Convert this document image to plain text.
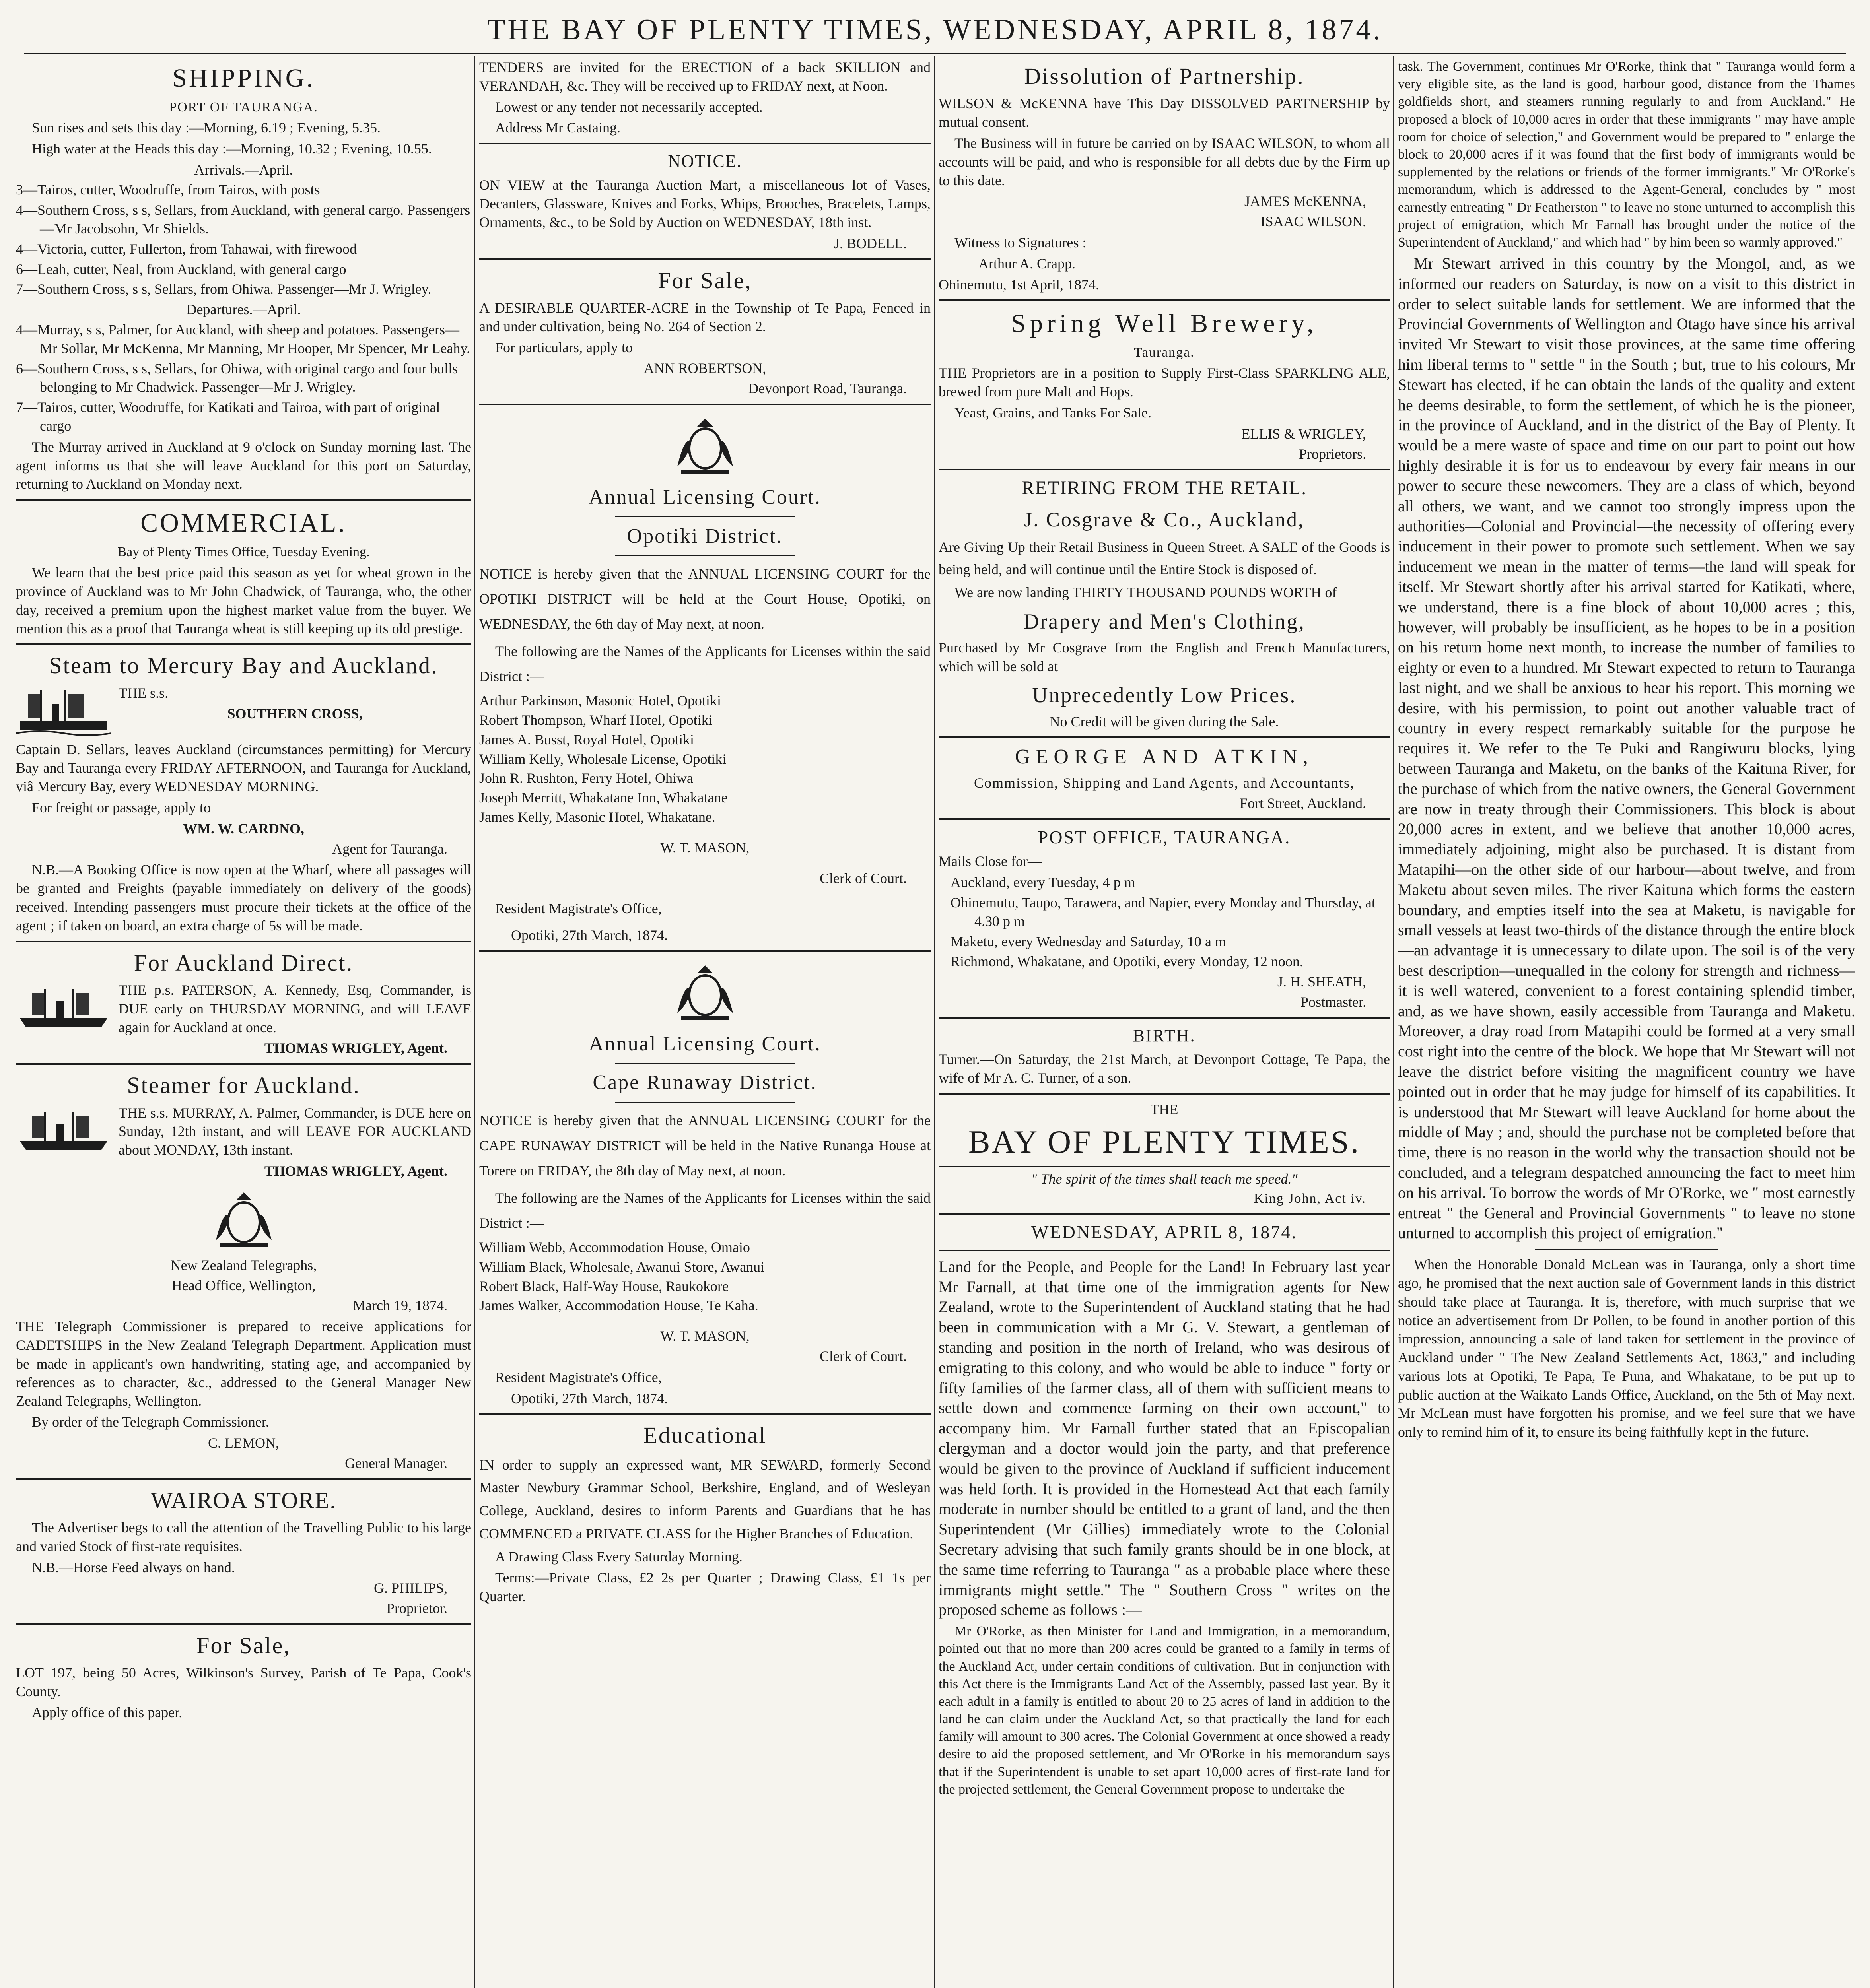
THE BAY OF PLENTY TIMES, WEDNESDAY, APRIL 8, 1874.
SHIPPING.
PORT OF TAURANGA.
Sun rises and sets this day :—Morning, 6.19 ; Evening, 5.35.
High water at the Heads this day :—Morning, 10.32 ; Evening, 10.55.
Arrivals.—April.
3—Tairos, cutter, Woodruffe, from Tairos, with posts
4—Southern Cross, s s, Sellars, from Auckland, with general cargo. Passengers—Mr Jacobsohn, Mr Shields.
4—Victoria, cutter, Fullerton, from Tahawai, with firewood
6—Leah, cutter, Neal, from Auckland, with general cargo
7—Southern Cross, s s, Sellars, from Ohiwa. Passenger—Mr J. Wrigley.
Departures.—April.
4—Murray, s s, Palmer, for Auckland, with sheep and potatoes. Passengers—Mr Sollar, Mr McKenna, Mr Manning, Mr Hooper, Mr Spencer, Mr Leahy.
6—Southern Cross, s s, Sellars, for Ohiwa, with original cargo and four bulls belonging to Mr Chadwick. Passenger—Mr J. Wrigley.
7—Tairos, cutter, Woodruffe, for Katikati and Tairoa, with part of original cargo
The Murray arrived in Auckland at 9 o'clock on Sunday morning last. The agent informs us that she will leave Auckland for this port on Saturday, returning to Auckland on Monday next.
COMMERCIAL.
Bay of Plenty Times Office, Tuesday Evening.
We learn that the best price paid this season as yet for wheat grown in the province of Auckland was to Mr John Chadwick, of Tauranga, who, the other day, received a premium upon the highest market value from the buyer. We mention this as a proof that Tauranga wheat is still keeping up its old prestige.
Steam to Mercury Bay and Auckland.
THE s.s.
SOUTHERN CROSS,
Captain D. Sellars, leaves Auckland (circumstances permitting) for Mercury Bay and Tauranga every FRIDAY AFTERNOON, and Tauranga for Auckland, viâ Mercury Bay, every WEDNESDAY MORNING.
For freight or passage, apply to
WM. W. CARDNO,
Agent for Tauranga.
N.B.—A Booking Office is now open at the Wharf, where all passages will be granted and Freights (payable immediately on delivery of the goods) received. Intending passengers must procure their tickets at the office of the agent ; if taken on board, an extra charge of 5s will be made.
For Auckland Direct.
THE p.s. PATERSON, A. Kennedy, Esq, Commander, is DUE early on THURSDAY MORNING, and will LEAVE again for Auckland at once.
THOMAS WRIGLEY, Agent.
Steamer for Auckland.
THE s.s. MURRAY, A. Palmer, Commander, is DUE here on Sunday, 12th instant, and will LEAVE FOR AUCKLAND about MONDAY, 13th instant.
THOMAS WRIGLEY, Agent.
New Zealand Telegraphs,
Head Office, Wellington,
March 19, 1874.
THE Telegraph Commissioner is prepared to receive applications for CADETSHIPS in the New Zealand Telegraph Department. Application must be made in applicant's own handwriting, stating age, and accompanied by references as to character, &c., addressed to the General Manager New Zealand Telegraphs, Wellington.
By order of the Telegraph Commissioner.
C. LEMON,
General Manager.
WAIROA STORE.
The Advertiser begs to call the attention of the Travelling Public to his large and varied Stock of first-rate requisites.
N.B.—Horse Feed always on hand.
G. PHILIPS,
Proprietor.
For Sale,
LOT 197, being 50 Acres, Wilkinson's Survey, Parish of Te Papa, Cook's County.
Apply office of this paper.
TENDERS are invited for the ERECTION of a back SKILLION and VERANDAH, &c. They will be received up to FRIDAY next, at Noon.
Lowest or any tender not necessarily accepted.
Address Mr Castaing.
NOTICE.
ON VIEW at the Tauranga Auction Mart, a miscellaneous lot of Vases, Decanters, Glassware, Knives and Forks, Whips, Brooches, Bracelets, Lamps, Ornaments, &c., to be Sold by Auction on WEDNESDAY, 18th inst.
J. BODELL.
For Sale,
A DESIRABLE QUARTER-ACRE in the Township of Te Papa, Fenced in and under cultivation, being No. 264 of Section 2.
For particulars, apply to
ANN ROBERTSON,
Devonport Road, Tauranga.
Annual Licensing Court.
Opotiki District.
NOTICE is hereby given that the ANNUAL LICENSING COURT for the OPOTIKI DISTRICT will be held at the Court House, Opotiki, on WEDNESDAY, the 6th day of May next, at noon.
The following are the Names of the Applicants for Licenses within the said District :—
Arthur Parkinson, Masonic Hotel, Opotiki
Robert Thompson, Wharf Hotel, Opotiki
James A. Busst, Royal Hotel, Opotiki
William Kelly, Wholesale License, Opotiki
John R. Rushton, Ferry Hotel, Ohiwa
Joseph Merritt, Whakatane Inn, Whakatane
James Kelly, Masonic Hotel, Whakatane.
W. T. MASON,
Clerk of Court.
Resident Magistrate's Office,
Opotiki, 27th March, 1874.
Annual Licensing Court.
Cape Runaway District.
NOTICE is hereby given that the ANNUAL LICENSING COURT for the CAPE RUNAWAY DISTRICT will be held in the Native Runanga House at Torere on FRIDAY, the 8th day of May next, at noon.
The following are the Names of the Applicants for Licenses within the said District :—
William Webb, Accommodation House, Omaio
William Black, Wholesale, Awanui Store, Awanui
Robert Black, Half-Way House, Raukokore
James Walker, Accommodation House, Te Kaha.
W. T. MASON,
Clerk of Court.
Resident Magistrate's Office,
Opotiki, 27th March, 1874.
Educational
IN order to supply an expressed want, MR SEWARD, formerly Second Master Newbury Grammar School, Berkshire, England, and of Wesleyan College, Auckland, desires to inform Parents and Guardians that he has COMMENCED a PRIVATE CLASS for the Higher Branches of Education.
A Drawing Class Every Saturday Morning.
Terms:—Private Class, £2 2s per Quarter ; Drawing Class, £1 1s per Quarter.
Dissolution of Partnership.
WILSON & McKENNA have This Day DISSOLVED PARTNERSHIP by mutual consent.
The Business will in future be carried on by ISAAC WILSON, to whom all accounts will be paid, and who is responsible for all debts due by the Firm up to this date.
JAMES McKENNA,
ISAAC WILSON.
Witness to Signatures :
Arthur A. Crapp.
Ohinemutu, 1st April, 1874.
Spring Well Brewery,
Tauranga.
THE Proprietors are in a position to Supply First-Class SPARKLING ALE, brewed from pure Malt and Hops.
Yeast, Grains, and Tanks For Sale.
ELLIS & WRIGLEY,
Proprietors.
RETIRING FROM THE RETAIL.
J. Cosgrave & Co., Auckland,
Are Giving Up their Retail Business in Queen Street. A SALE of the Goods is being held, and will continue until the Entire Stock is disposed of.
We are now landing THIRTY THOUSAND POUNDS WORTH of
Drapery and Men's Clothing,
Purchased by Mr Cosgrave from the English and French Manufacturers, which will be sold at
Unprecedently Low Prices.
No Credit will be given during the Sale.
GEORGE AND ATKIN,
Commission, Shipping and Land Agents, and Accountants,
Fort Street, Auckland.
POST OFFICE, TAURANGA.
Mails Close for—
Auckland, every Tuesday, 4 p m
Ohinemutu, Taupo, Tarawera, and Napier, every Monday and Thursday, at 4.30 p m
Maketu, every Wednesday and Saturday, 10 a m
Richmond, Whakatane, and Opotiki, every Monday, 12 noon.
J. H. SHEATH,
Postmaster.
BIRTH.
Turner.—On Saturday, the 21st March, at Devonport Cottage, Te Papa, the wife of Mr A. C. Turner, of a son.
THE
BAY OF PLENTY TIMES.
" The spirit of the times shall teach me speed."
King John, Act iv.
WEDNESDAY, APRIL 8, 1874.
Land for the People, and People for the Land! In February last year Mr Farnall, at that time one of the immigration agents for New Zealand, wrote to the Superintendent of Auckland stating that he had been in communication with a Mr G. V. Stewart, a gentleman of standing and position in the north of Ireland, who was desirous of emigrating to this colony, and who would be able to induce " forty or fifty families of the farmer class, all of them with sufficient means to settle down and commence farming on their own account," to accompany him. Mr Farnall further stated that an Episcopalian clergyman and a doctor would join the party, and that preference would be given to the province of Auckland if sufficient inducement was held forth. It is provided in the Homestead Act that each family moderate in number should be entitled to a grant of land, and the then Superintendent (Mr Gillies) immediately wrote to the Colonial Secretary advising that such family grants should be in one block, at the same time referring to Tauranga " as a probable place where these immigrants might settle." The " Southern Cross " writes on the proposed scheme as follows :—
Mr O'Rorke, as then Minister for Land and Immigration, in a memorandum, pointed out that no more than 200 acres could be granted to a family in terms of the Auckland Act, under certain conditions of cultivation. But in conjunction with this Act there is the Immigrants Land Act of the Assembly, passed last year. By it each adult in a family is entitled to about 20 to 25 acres of land in addition to the land he can claim under the Auckland Act, so that practically the land for each family will amount to 300 acres. The Colonial Government at once showed a ready desire to aid the proposed settlement, and Mr O'Rorke in his memorandum says that if the Superintendent is unable to set apart 10,000 acres of first-rate land for the projected settlement, the General Government propose to undertake the
task. The Government, continues Mr O'Rorke, think that " Tauranga would form a very eligible site, as the land is good, harbour good, distance from the Thames goldfields short, and steamers running regularly to and from Auckland." He proposed a block of 10,000 acres in order that these immigrants " may have ample room for choice of selection," and Government would be prepared to " enlarge the block to 20,000 acres if it was found that the first body of immigrants would be supplemented by the relations or friends of the former immigrants." Mr O'Rorke's memorandum, which is addressed to the Agent-General, concludes by " most earnestly entreating " Dr Featherston " to leave no stone unturned to accomplish this project of emigration, which Mr Farnall has brought under the notice of the Superintendent of Auckland," and which had " by him been so warmly approved."
Mr Stewart arrived in this country by the Mongol, and, as we informed our readers on Saturday, is now on a visit to this district in order to select suitable lands for settlement. We are informed that the Provincial Governments of Wellington and Otago have since his arrival invited Mr Stewart to visit those provinces, at the same time offering him liberal terms to " settle " in the South ; but, true to his colours, Mr Stewart has elected, if he can obtain the lands of the quality and extent he deems desirable, to form the settlement, of which he is the pioneer, in the province of Auckland, and in the district of the Bay of Plenty. It would be a mere waste of space and time on our part to point out how highly desirable it is for us to endeavour by every fair means in our power to secure these newcomers. They are a class of which, beyond all others, we want, and we cannot too strongly impress upon the authorities—Colonial and Provincial—the necessity of offering every inducement in their power to promote such settlement. When we say inducement we mean in the matter of terms—the land will speak for itself. Mr Stewart shortly after his arrival started for Katikati, where, we understand, there is a fine block of about 10,000 acres ; this, however, will probably be insufficient, as he hopes to be in a position on his return home next month, to increase the number of families to eighty or even to a hundred. Mr Stewart expected to return to Tauranga last night, and we shall be anxious to hear his report. This morning we desire, with his permission, to point out another valuable tract of country in every respect remarkably suitable for the purpose he requires it. We refer to the Te Puki and Rangiwuru blocks, lying between Tauranga and Maketu, on the banks of the Kaituna River, for the purchase of which from the native owners, the General Government are now in treaty through their Commissioners. This block is about 20,000 acres in extent, and we believe that another 10,000 acres, immediately adjoining, might also be purchased. It is distant from Matapihi—on the other side of our harbour—about twelve, and from Maketu about seven miles. The river Kaituna which forms the eastern boundary, and empties itself into the sea at Maketu, is navigable for small vessels at least two-thirds of the distance through the entire block—an advantage it is unnecessary to dilate upon. The soil is of the very best description—unequalled in the colony for strength and richness—it is well watered, convenient to a forest containing splendid timber, and, as we have shown, easily accessible from Tauranga and Maketu. Moreover, a dray road from Matapihi could be formed at a very small cost right into the centre of the block. We hope that Mr Stewart will not leave the district before visiting the magnificent country we have pointed out in order that he may judge for himself of its capabilities. It is understood that Mr Stewart will leave Auckland for home about the middle of May ; and, should the purchase not be completed before that time, there is no reason in the world why the transaction should not be concluded, and a telegram despatched announcing the fact to meet him on his arrival. To borrow the words of Mr O'Rorke, we " most earnestly entreat " the General and Provincial Governments " to leave no stone unturned to accomplish this project of emigration."
When the Honorable Donald McLean was in Tauranga, only a short time ago, he promised that the next auction sale of Government lands in this district should take place at Tauranga. It is, therefore, with much surprise that we notice an advertisement from Dr Pollen, to be found in another portion of this impression, announcing a sale of land taken for settlement in the province of Auckland under " The New Zealand Settlements Act, 1863," and including various lots at Opotiki, Te Papa, Te Puna, and Whakatane, to be put up to public auction at the Waikato Lands Office, Auckland, on the 5th of May next. Mr McLean must have forgotten his promise, and we feel sure that we have only to remind him of it, to ensure its being faithfully kept in the future.
